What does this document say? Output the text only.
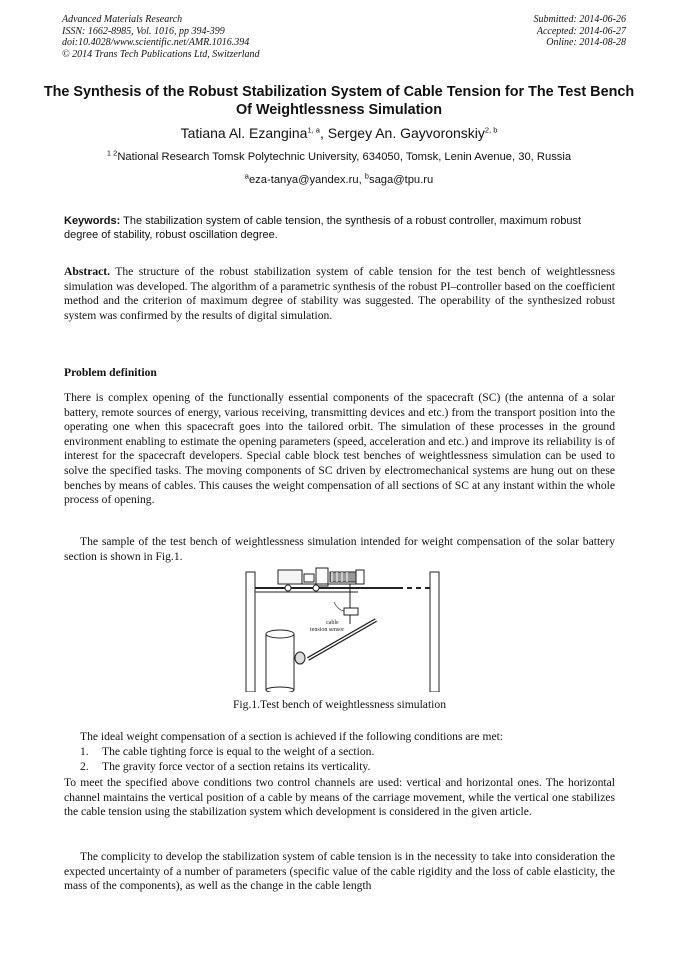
Advanced Materials Research
ISSN: 1662-8985, Vol. 1016, pp 394-399
doi:10.4028/www.scientific.net/AMR.1016.394
© 2014 Trans Tech Publications Ltd, Switzerland
Submitted: 2014-06-26
Accepted: 2014-06-27
Online: 2014-08-28
The Synthesis of the Robust Stabilization System of Cable Tension for The Test Bench Of Weightlessness Simulation
Tatiana Al. Ezangina$^{1, a}$, Sergey An. Gayvoronskiy$^{2, b}$
$^{1 2}$National Research Tomsk Polytechnic University, 634050, Tomsk, Lenin Avenue, 30, Russia
$^a$eza-tanya@yandex.ru, $^b$saga@tpu.ru
Keywords: The stabilization system of cable tension, the synthesis of a robust controller, maximum robust degree of stability, robust oscillation degree.
Abstract. The structure of the robust stabilization system of cable tension for the test bench of weightlessness simulation was developed. The algorithm of a parametric synthesis of the robust PI–controller based on the coefficient method and the criterion of maximum degree of stability was suggested. The operability of the synthesized robust system was confirmed by the results of digital simulation.
Problem definition
There is complex opening of the functionally essential components of the spacecraft (SC) (the antenna of a solar battery, remote sources of energy, various receiving, transmitting devices and etc.) from the transport position into the operating one when this spacecraft goes into the tailored orbit. The simulation of these processes in the ground environment enabling to estimate the opening parameters (speed, acceleration and etc.) and improve its reliability is of interest for the spacecraft developers. Special cable block test benches of weightlessness simulation can be used to solve the specified tasks. The moving components of SC driven by electromechanical systems are hung out on these benches by means of cables. This causes the weight compensation of all sections of SC at any instant within the whole process of opening.
The sample of the test bench of weightlessness simulation intended for weight compensation of the solar battery section is shown in Fig.1.
cable
tension sensor
Fig.1.Test bench of weightlessness simulation
The ideal weight compensation of a section is achieved if the following conditions are met:
1.	The cable tighting force is equal to the weight of a section.
2.	The gravity force vector of a section retains its verticality.
To meet the specified above conditions two control channels are used: vertical and horizontal ones. The horizontal channel maintains the vertical position of a cable by means of the carriage movement, while the vertical one stabilizes the cable tension using the stabilization system which development is considered in the given article.
The complicity to develop the stabilization system of cable tension is in the necessity to take into consideration the expected uncertainty of a number of parameters (specific value of the cable rigidity and the loss of cable elasticity, the mass of the components), as well as the change in the cable length
